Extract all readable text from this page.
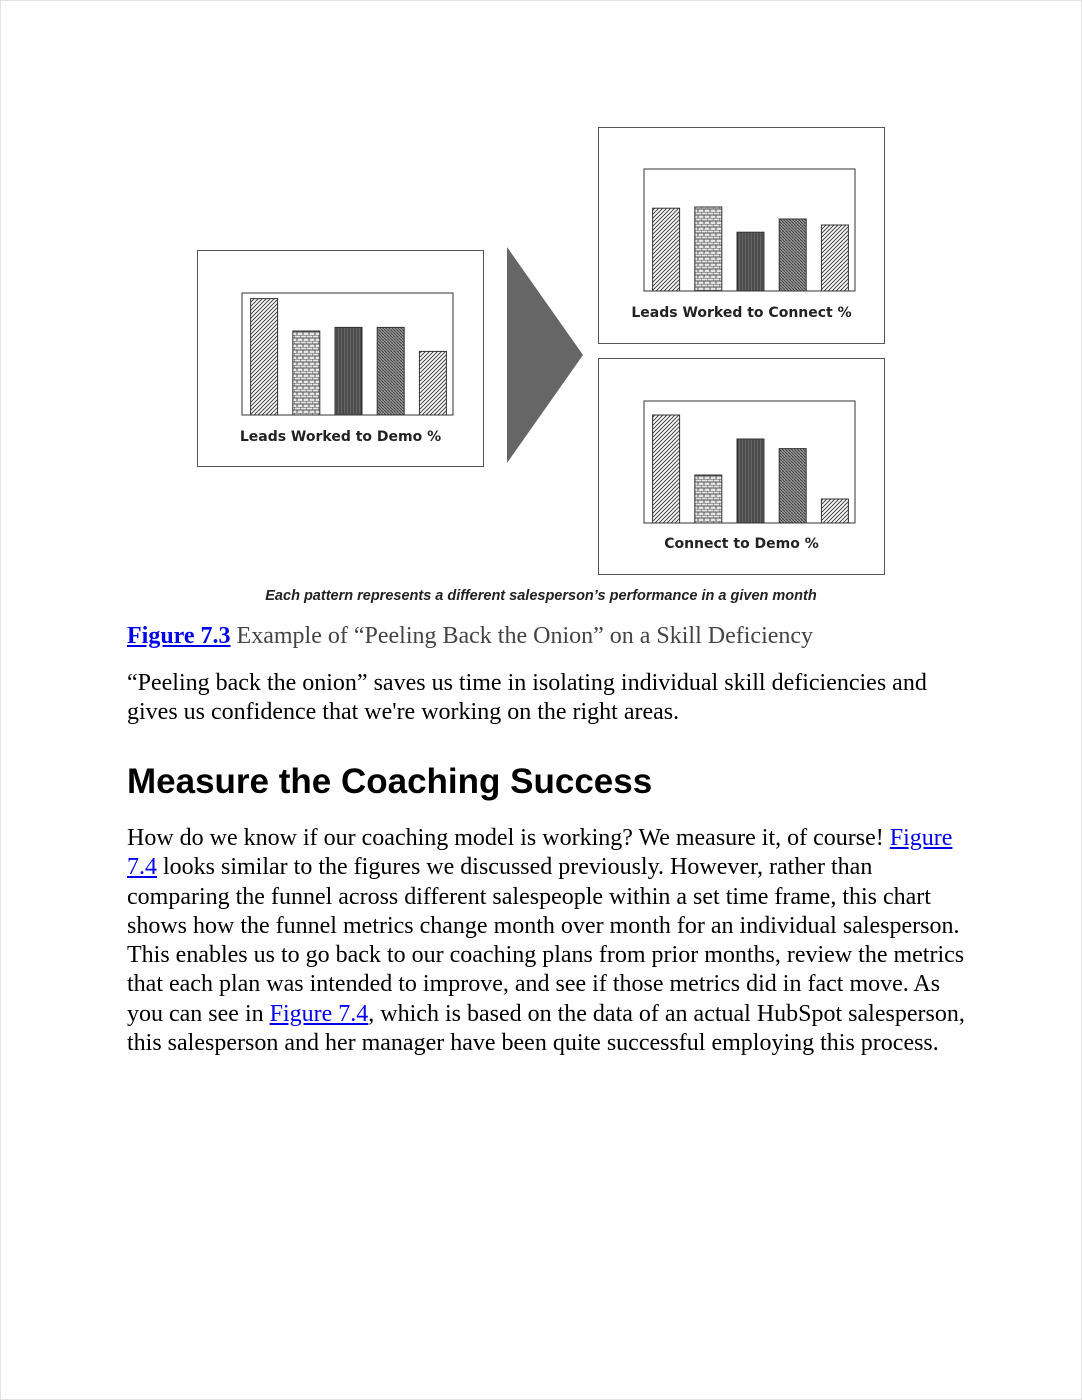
Leads Worked to Demo %
Leads Worked to Connect %
Connect to Demo %
Each pattern represents a different salesperson’s performance in a given month
Figure 7.3 Example of “Peeling Back the Onion” on a Skill Deficiency

“Peeling back the onion” saves us time in isolating individual skill deficiencies and gives us confidence that we're working on the right areas.

Measure the Coaching Success

How do we know if our coaching model is working? We measure it, of course! Figure 7.4 looks similar to the figures we discussed previously. However, rather than comparing the funnel across different salespeople within a set time frame, this chart shows how the funnel metrics change month over month for an individual salesperson. This enables us to go back to our coaching plans from prior months, review the metrics that each plan was intended to improve, and see if those metrics did in fact move. As you can see in Figure 7.4, which is based on the data of an actual HubSpot salesperson, this salesperson and her manager have been quite successful employing this process.
